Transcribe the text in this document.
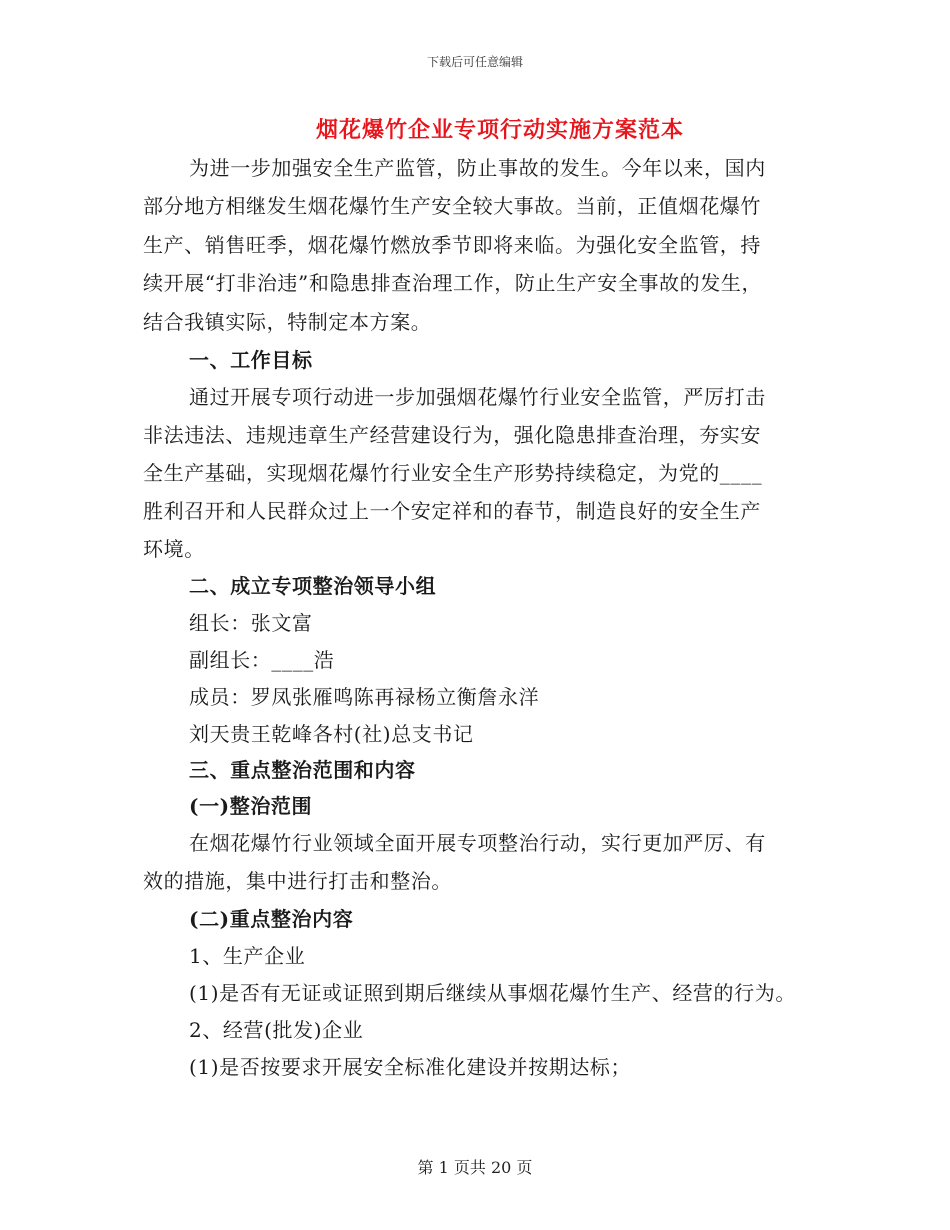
下载后可任意编辑
烟花爆竹企业专项行动实施方案范本
为进一步加强安全生产监管，防止事故的发生。今年以来，国内
部分地方相继发生烟花爆竹生产安全较大事故。当前，正值烟花爆竹
生产、销售旺季，烟花爆竹燃放季节即将来临。为强化安全监管，持
续开展“打非治违”和隐患排查治理工作，防止生产安全事故的发生，
结合我镇实际，特制定本方案。
一、工作目标
通过开展专项行动进一步加强烟花爆竹行业安全监管，严厉打击
非法违法、违规违章生产经营建设行为，强化隐患排查治理，夯实安
全生产基础，实现烟花爆竹行业安全生产形势持续稳定，为党的____
胜利召开和人民群众过上一个安定祥和的春节，制造良好的安全生产
环境。
二、成立专项整治领导小组
组长：张文富
副组长：____浩
成员：罗凤张雁鸣陈再禄杨立衡詹永洋
刘天贵王乾峰各村(社)总支书记
三、重点整治范围和内容
(一)整治范围
在烟花爆竹行业领域全面开展专项整治行动，实行更加严厉、有
效的措施，集中进行打击和整治。
(二)重点整治内容
1、生产企业
(1)是否有无证或证照到期后继续从事烟花爆竹生产、经营的行为。
2、经营(批发)企业
(1)是否按要求开展安全标准化建设并按期达标；
第 1 页共 20 页
